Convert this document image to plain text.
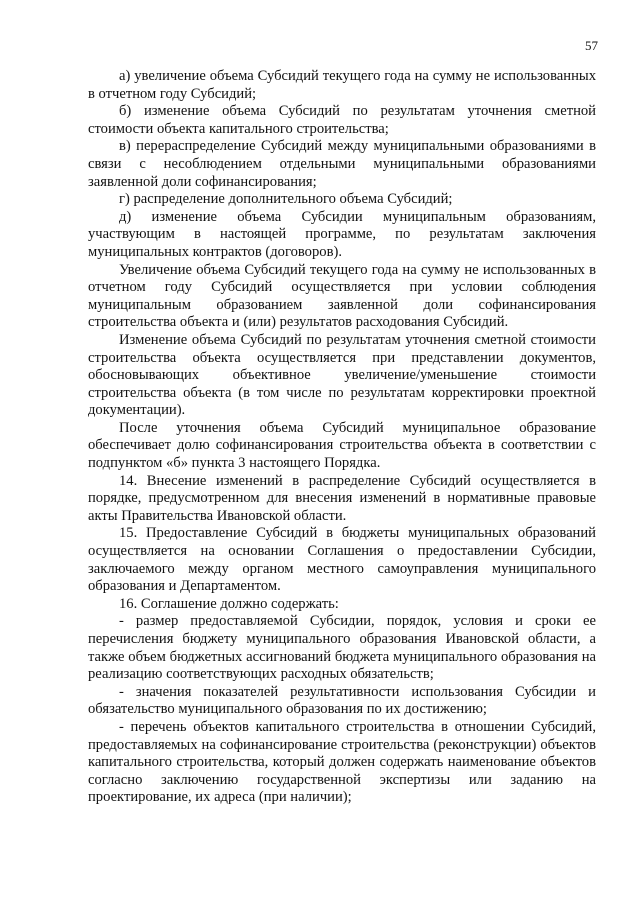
57

а) увеличение объема Субсидий текущего года на сумму не использованных в отчетном году Субсидий;

б) изменение объема Субсидий по результатам уточнения сметной стоимости объекта капитального строительства;

в) перераспределение Субсидий между муниципальными образованиями в связи с несоблюдением отдельными муниципальными образованиями заявленной доли софинансирования;

г) распределение дополнительного объема Субсидий;

д) изменение объема Субсидии муниципальным образованиям, участвующим в настоящей программе, по результатам заключения муниципальных контрактов (договоров).

Увеличение объема Субсидий текущего года на сумму не использованных в отчетном году Субсидий осуществляется при условии соблюдения муниципальным образованием заявленной доли софинансирования строительства объекта и (или) результатов расходования Субсидий.

Изменение объема Субсидий по результатам уточнения сметной стоимости строительства объекта осуществляется при представлении документов, обосновывающих объективное увеличение/уменьшение стоимости строительства объекта (в том числе по результатам корректировки проектной документации).

После уточнения объема Субсидий муниципальное образование обеспечивает долю софинансирования строительства объекта в соответствии с подпунктом «б» пункта 3 настоящего Порядка.

14. Внесение изменений в распределение Субсидий осуществляется в порядке, предусмотренном для внесения изменений в нормативные правовые акты Правительства Ивановской области.

15. Предоставление Субсидий в бюджеты муниципальных образований осуществляется на основании Соглашения о предоставлении Субсидии, заключаемого между органом местного самоуправления муниципального образования и Департаментом.

16. Соглашение должно содержать:

- размер предоставляемой Субсидии, порядок, условия и сроки ее перечисления бюджету муниципального образования Ивановской области, а также объем бюджетных ассигнований бюджета муниципального образования на реализацию соответствующих расходных обязательств;

- значения показателей результативности использования Субсидии и обязательство муниципального образования по их достижению;

- перечень объектов капитального строительства в отношении Субсидий, предоставляемых на софинансирование строительства (реконструкции) объектов капитального строительства, который должен содержать наименование объектов согласно заключению государственной экспертизы или заданию на проектирование, их адреса (при наличии);
